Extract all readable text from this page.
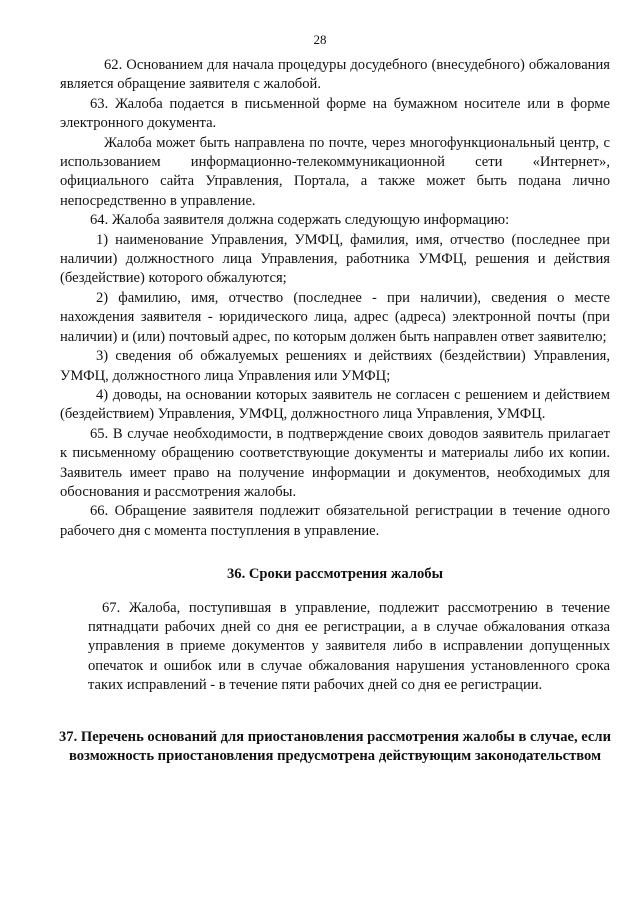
28

62. Основанием для начала процедуры досудебного (внесудебного) обжалования является обращение заявителя с жалобой.

63. Жалоба подается в письменной форме на бумажном носителе или в форме электронного документа.

Жалоба может быть направлена по почте, через многофункциональный центр, с использованием информационно-телекоммуникационной сети «Интернет», официального сайта Управления, Портала, а также может быть подана лично непосредственно в управление.

64. Жалоба заявителя должна содержать следующую информацию:

1) наименование Управления, УМФЦ, фамилия, имя, отчество (последнее при наличии) должностного лица Управления, работника УМФЦ, решения и действия (бездействие) которого обжалуются;

2) фамилию, имя, отчество (последнее - при наличии), сведения о месте нахождения заявителя - юридического лица, адрес (адреса) электронной почты (при наличии) и (или) почтовый адрес, по которым должен быть направлен ответ заявителю;

3) сведения об обжалуемых решениях и действиях (бездействии) Управления, УМФЦ, должностного лица Управления или УМФЦ;

4) доводы, на основании которых заявитель не согласен с решением и действием (бездействием) Управления, УМФЦ, должностного лица Управления, УМФЦ.

65. В случае необходимости, в подтверждение своих доводов заявитель прилагает к письменному обращению соответствующие документы и материалы либо их копии. Заявитель имеет право на получение информации и документов, необходимых для обоснования и рассмотрения жалобы.

66. Обращение заявителя подлежит обязательной регистрации в течение одного рабочего дня с момента поступления в управление.

36. Сроки рассмотрения жалобы

67. Жалоба, поступившая в управление, подлежит рассмотрению в течение пятнадцати рабочих дней со дня ее регистрации, а в случае обжалования отказа управления в приеме документов у заявителя либо в исправлении допущенных опечаток и ошибок или в случае обжалования нарушения установленного срока таких исправлений - в течение пяти рабочих дней со дня ее регистрации.

37. Перечень оснований для приостановления рассмотрения жалобы в случае, если возможность приостановления предусмотрена действующим законодательством
